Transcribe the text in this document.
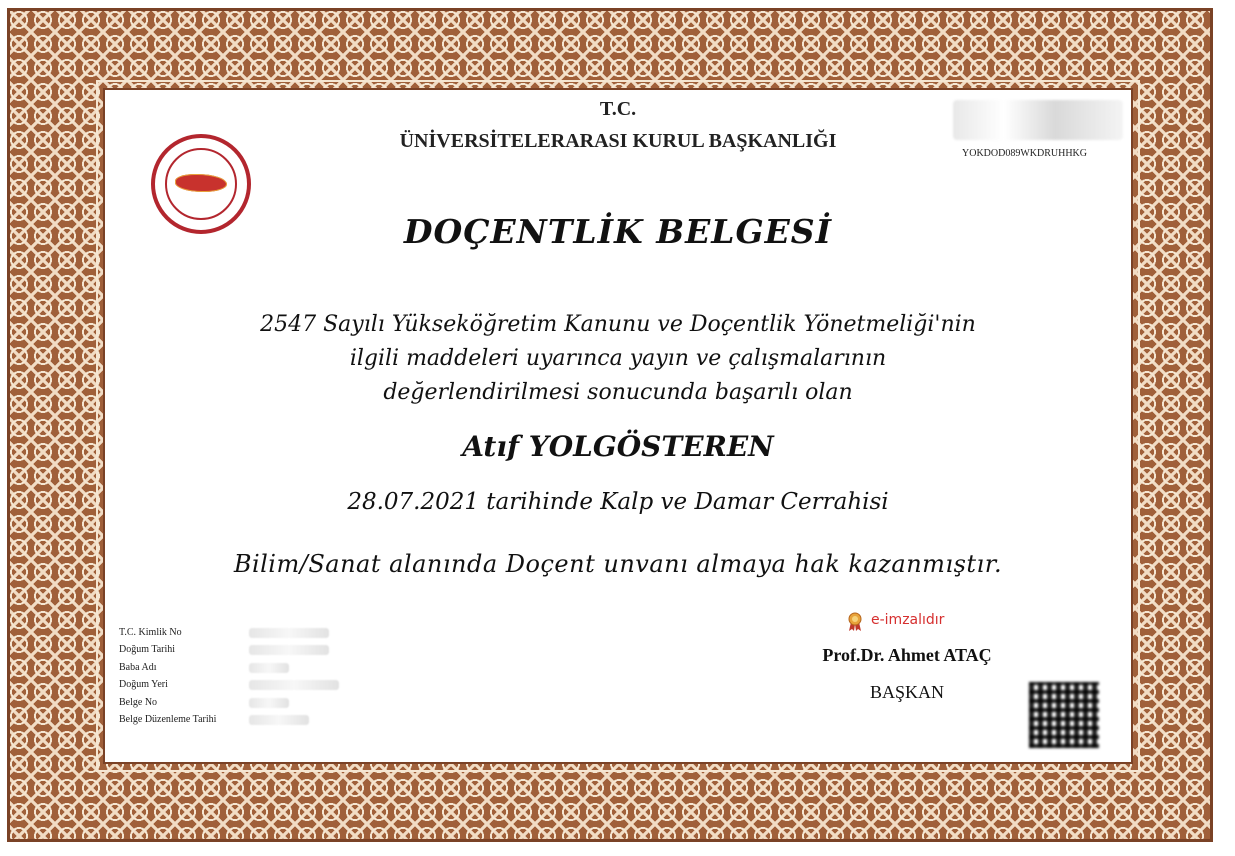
T.C.
ÜNİVERSİTELERARASI KURUL BAŞKANLIĞI
YOKDOD089WKDRUHHKG
DOÇENTLİK BELGESİ
2547 Sayılı Yükseköğretim Kanunu ve Doçentlik Yönetmeliği'nin
ilgili maddeleri uyarınca yayın ve çalışmalarının
değerlendirilmesi sonucunda başarılı olan
Atıf YOLGÖSTEREN
28.07.2021 tarihinde Kalp ve Damar Cerrahisi
Bilim/Sanat alanında Doçent unvanı almaya hak kazanmıştır.
T.C. Kimlik No
Doğum Tarihi
Baba Adı
Doğum Yeri
Belge No
Belge Düzenleme Tarihi
e-imzalıdır
Prof.Dr. Ahmet ATAÇ
BAŞKAN
